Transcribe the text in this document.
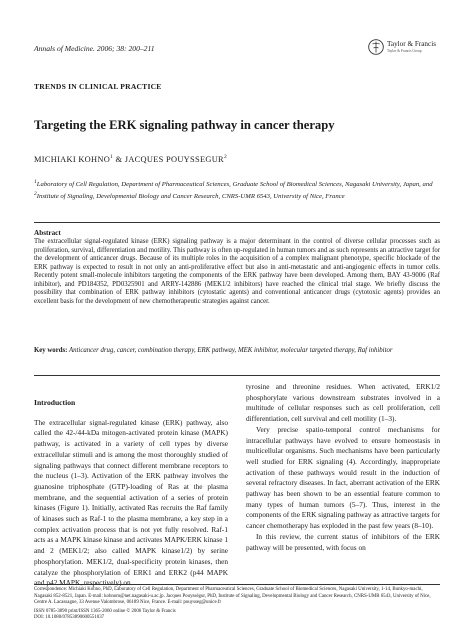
Annals of Medicine. 2006; 38: 200–211	Taylor & Francis
Taylor & Francis Group
TRENDS IN CLINICAL PRACTICE
Targeting the ERK signaling pathway in cancer therapy
MICHIAKI KOHNO$^1$ & JACQUES POUYSSEGUR$^2$
$^1$Laboratory of Cell Regulation, Department of Pharmaceutical Sciences, Graduate School of Biomedical Sciences, Nagasaki University, Japan, and $^2$Institute of Signaling, Developmental Biology and Cancer Research, CNRS-UMR 6543, University of Nice, France
Abstract
The extracellular signal-regulated kinase (ERK) signaling pathway is a major determinant in the control of diverse cellular processes such as proliferation, survival, differentiation and motility. This pathway is often up-regulated in human tumors and as such represents an attractive target for the development of anticancer drugs. Because of its multiple roles in the acquisition of a complex malignant phenotype, specific blockade of the ERK pathway is expected to result in not only an anti-proliferative effect but also in anti-metastatic and anti-angiogenic effects in tumor cells. Recently potent small-molecule inhibitors targeting the components of the ERK pathway have been developed. Among them, BAY 43-9006 (Raf inhibitor), and PD184352, PD0325901 and ARRY-142886 (MEK1/2 inhibitors) have reached the clinical trial stage. We briefly discuss the possibility that combination of ERK pathway inhibitors (cytostatic agents) and conventional anticancer drugs (cytotoxic agents) provides an excellent basis for the development of new chemotherapeutic strategies against cancer.
Key words: Anticancer drug, cancer, combination therapy, ERK pathway, MEK inhibitor, molecular targeted therapy, Raf inhibitor
Introduction

The extracellular signal-regulated kinase (ERK) pathway, also called the 42-/44-kDa mitogen-activated protein kinase (MAPK) pathway, is activated in a variety of cell types by diverse extracellular stimuli and is among the most thoroughly studied of signaling pathways that connect different membrane receptors to the nucleus (1–3). Activation of the ERK pathway involves the guanosine triphosphate (GTP)-loading of Ras at the plasma membrane, and the sequential activation of a series of protein kinases (Figure 1). Initially, activated Ras recruits the Raf family of kinases such as Raf-1 to the plasma membrane, a key step in a complex activation process that is not yet fully resolved. Raf-1 acts as a MAPK kinase kinase and activates MAPK/ERK kinase 1 and 2 (MEK1/2; also called MAPK kinase1/2) by serine phosphorylation. MEK1/2, dual-specificity protein kinases, then catalyze the phosphorylation of ERK1 and ERK2 (p44 MAPK and p42 MAPK, respectively) on

tyrosine and threonine residues. When activated, ERK1/2 phosphorylate various downstream substrates involved in a multitude of cellular responses such as cell proliferation, cell differentiation, cell survival and cell motility (1–3).

Very precise spatio-temporal control mechanisms for intracellular pathways have evolved to ensure homeostasis in multicellular organisms. Such mechanisms have been particularly well studied for ERK signaling (4). Accordingly, inappropriate activation of these pathways would result in the induction of several refractory diseases. In fact, aberrant activation of the ERK pathway has been shown to be an essential feature common to many types of human tumors (5–7). Thus, interest in the components of the ERK signaling pathway as attractive targets for cancer chemotherapy has exploded in the past few years (8–10).

In this review, the current status of inhibitors of the ERK pathway will be presented, with focus on

Correspondence: Michiaki Kohno, PhD, Laboratory of Cell Regulation, Department of Pharmaceutical Sciences, Graduate School of Biomedical Sciences, Nagasaki University, 1-14, Bunkyo-machi, Nagasaki 852-8521, Japan. E-mail: kohnom@net.nagasaki-u.ac.jp. Jacques Pouysségur, PhD, Institute of Signaling, Developmental Biology and Cancer Research, CNRS-UMR 6543, University of Nice, Centre A. Lacassagne, 33 Avenue Valombrose, 06189 Nice, France. E-mail: pouysseg@unice.fr
ISSN 0785-3890 print/ISSN 1365-2060 online © 2006 Taylor & Francis
DOI: 10.1080/07853890600551037
